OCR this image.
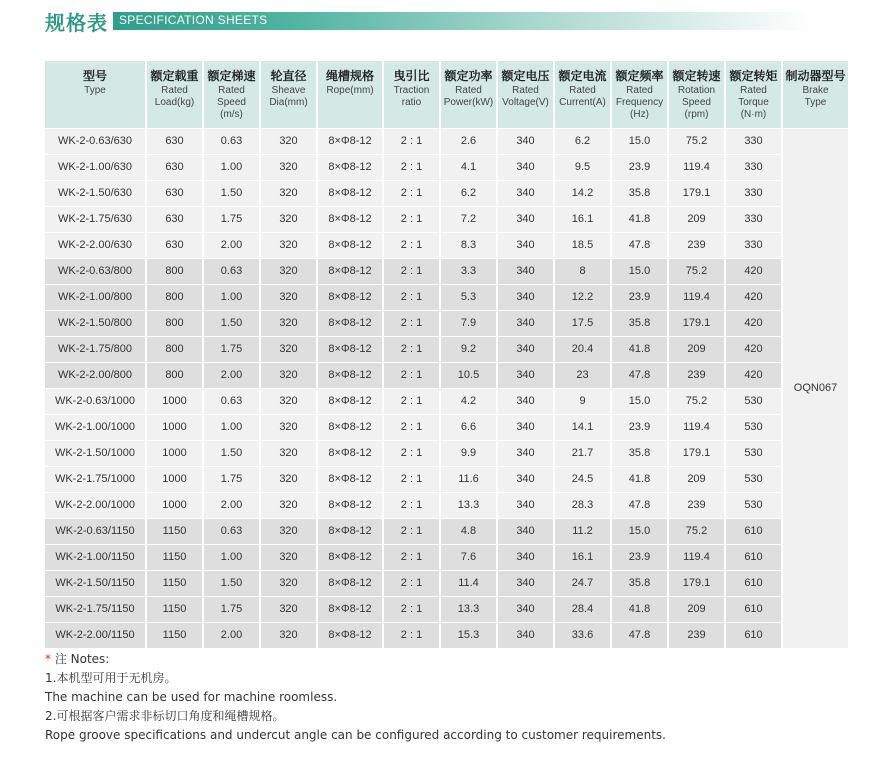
规格表 SPECIFICATION SHEETS
型号
Type	额定载重
Rated
Load(kg)	额定梯速
Rated
Speed
(m/s)	轮直径
Sheave
Dia(mm)	绳槽规格
Rope(mm)	曳引比
Traction
ratio	额定功率
Rated
Power(kW)	额定电压
Rated
Voltage(V)	额定电流
Rated
Current(A)	额定频率
Rated
Frequency
(Hz)	额定转速
Rotation
Speed
(rpm)	额定转矩
Rated
Torque
(N·m)	制动器型号
Brake
Type

WK-2-0.63/630	630	0.63	320	8×Φ8-12	2 : 1	2.6	340	6.2	15.0	75.2	330	OQN067
WK-2-1.00/630	630	1.00	320	8×Φ8-12	2 : 1	4.1	340	9.5	23.9	119.4	330	
WK-2-1.50/630	630	1.50	320	8×Φ8-12	2 : 1	6.2	340	14.2	35.8	179.1	330	
WK-2-1.75/630	630	1.75	320	8×Φ8-12	2 : 1	7.2	340	16.1	41.8	209	330	
WK-2-2.00/630	630	2.00	320	8×Φ8-12	2 : 1	8.3	340	18.5	47.8	239	330	
WK-2-0.63/800	800	0.63	320	8×Φ8-12	2 : 1	3.3	340	8	15.0	75.2	420	
WK-2-1.00/800	800	1.00	320	8×Φ8-12	2 : 1	5.3	340	12.2	23.9	119.4	420	
WK-2-1.50/800	800	1.50	320	8×Φ8-12	2 : 1	7.9	340	17.5	35.8	179.1	420	
WK-2-1.75/800	800	1.75	320	8×Φ8-12	2 : 1	9.2	340	20.4	41.8	209	420	
WK-2-2.00/800	800	2.00	320	8×Φ8-12	2 : 1	10.5	340	23	47.8	239	420	
WK-2-0.63/1000	1000	0.63	320	8×Φ8-12	2 : 1	4.2	340	9	15.0	75.2	530	
WK-2-1.00/1000	1000	1.00	320	8×Φ8-12	2 : 1	6.6	340	14.1	23.9	119.4	530	
WK-2-1.50/1000	1000	1.50	320	8×Φ8-12	2 : 1	9.9	340	21.7	35.8	179.1	530	
WK-2-1.75/1000	1000	1.75	320	8×Φ8-12	2 : 1	11.6	340	24.5	41.8	209	530	
WK-2-2.00/1000	1000	2.00	320	8×Φ8-12	2 : 1	13.3	340	28.3	47.8	239	530	
WK-2-0.63/1150	1150	0.63	320	8×Φ8-12	2 : 1	4.8	340	11.2	15.0	75.2	610	
WK-2-1.00/1150	1150	1.00	320	8×Φ8-12	2 : 1	7.6	340	16.1	23.9	119.4	610	
WK-2-1.50/1150	1150	1.50	320	8×Φ8-12	2 : 1	11.4	340	24.7	35.8	179.1	610	
WK-2-1.75/1150	1150	1.75	320	8×Φ8-12	2 : 1	13.3	340	28.4	41.8	209	610	
WK-2-2.00/1150	1150	2.00	320	8×Φ8-12	2 : 1	15.3	340	33.6	47.8	239	610	

* 注 Notes:

1.本机型可用于无机房。

The machine can be used for machine roomless.

2.可根据客户需求非标切口角度和绳槽规格。

Rope groove specifications and undercut angle can be configured according to customer requirements.
